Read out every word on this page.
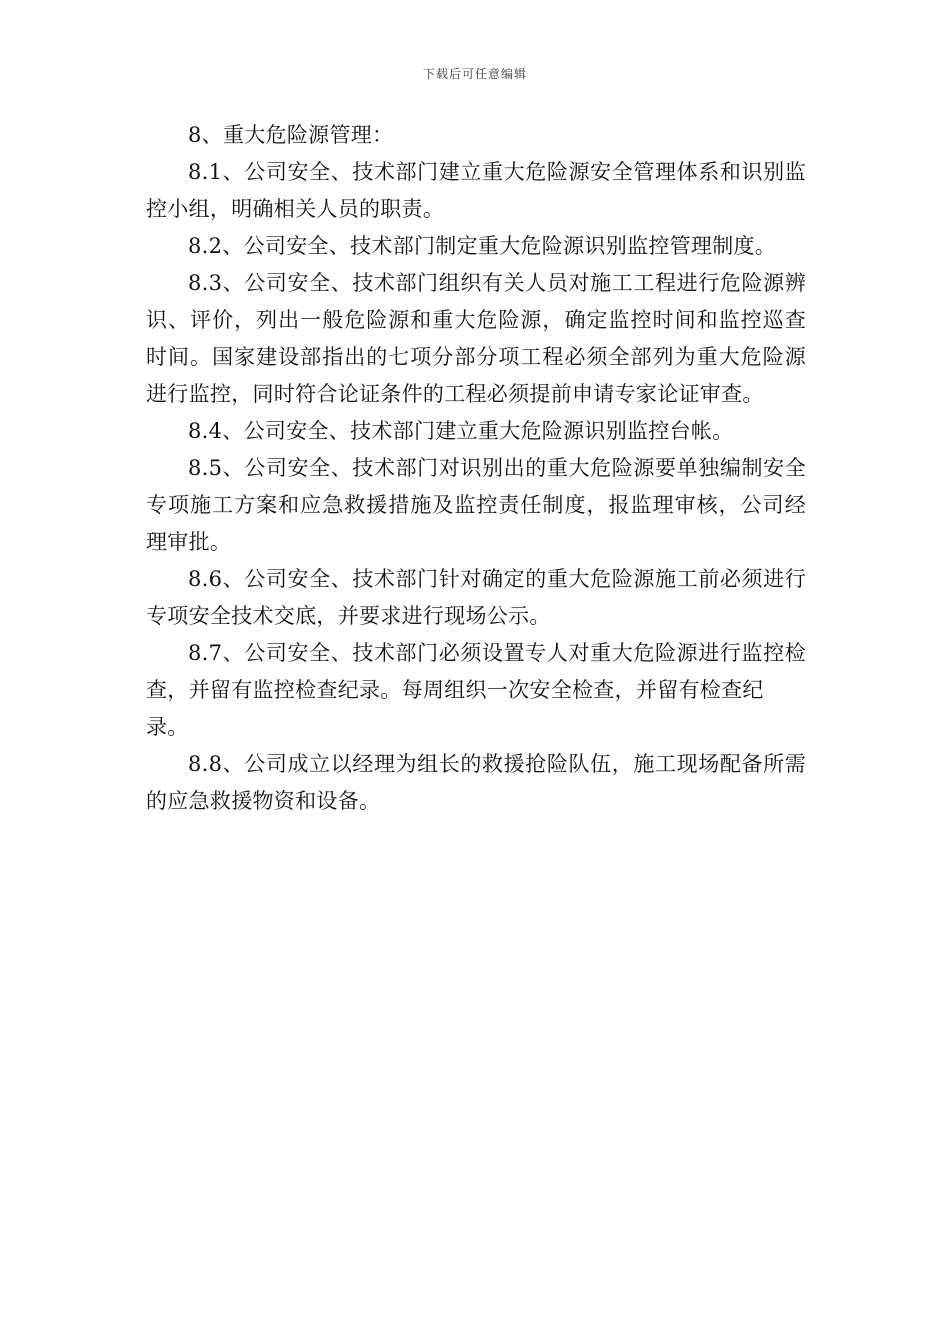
下载后可任意编辑

8、重大危险源管理：

8.1、公司安全、技术部门建立重大危险源安全管理体系和识别监控小组，明确相关人员的职责。

8.2、公司安全、技术部门制定重大危险源识别监控管理制度。

8.3、公司安全、技术部门组织有关人员对施工工程进行危险源辨识、评价，列出一般危险源和重大危险源，确定监控时间和监控巡查时间。国家建设部指出的七项分部分项工程必须全部列为重大危险源进行监控，同时符合论证条件的工程必须提前申请专家论证审查。

8.4、公司安全、技术部门建立重大危险源识别监控台帐。

8.5、公司安全、技术部门对识别出的重大危险源要单独编制安全专项施工方案和应急救援措施及监控责任制度，报监理审核，公司经理审批。

8.6、公司安全、技术部门针对确定的重大危险源施工前必须进行专项安全技术交底，并要求进行现场公示。

8.7、公司安全、技术部门必须设置专人对重大危险源进行监控检查，并留有监控检查纪录。每周组织一次安全检查，并留有检查纪

录。

8.8、公司成立以经理为组长的救援抢险队伍，施工现场配备所需的应急救援物资和设备。
